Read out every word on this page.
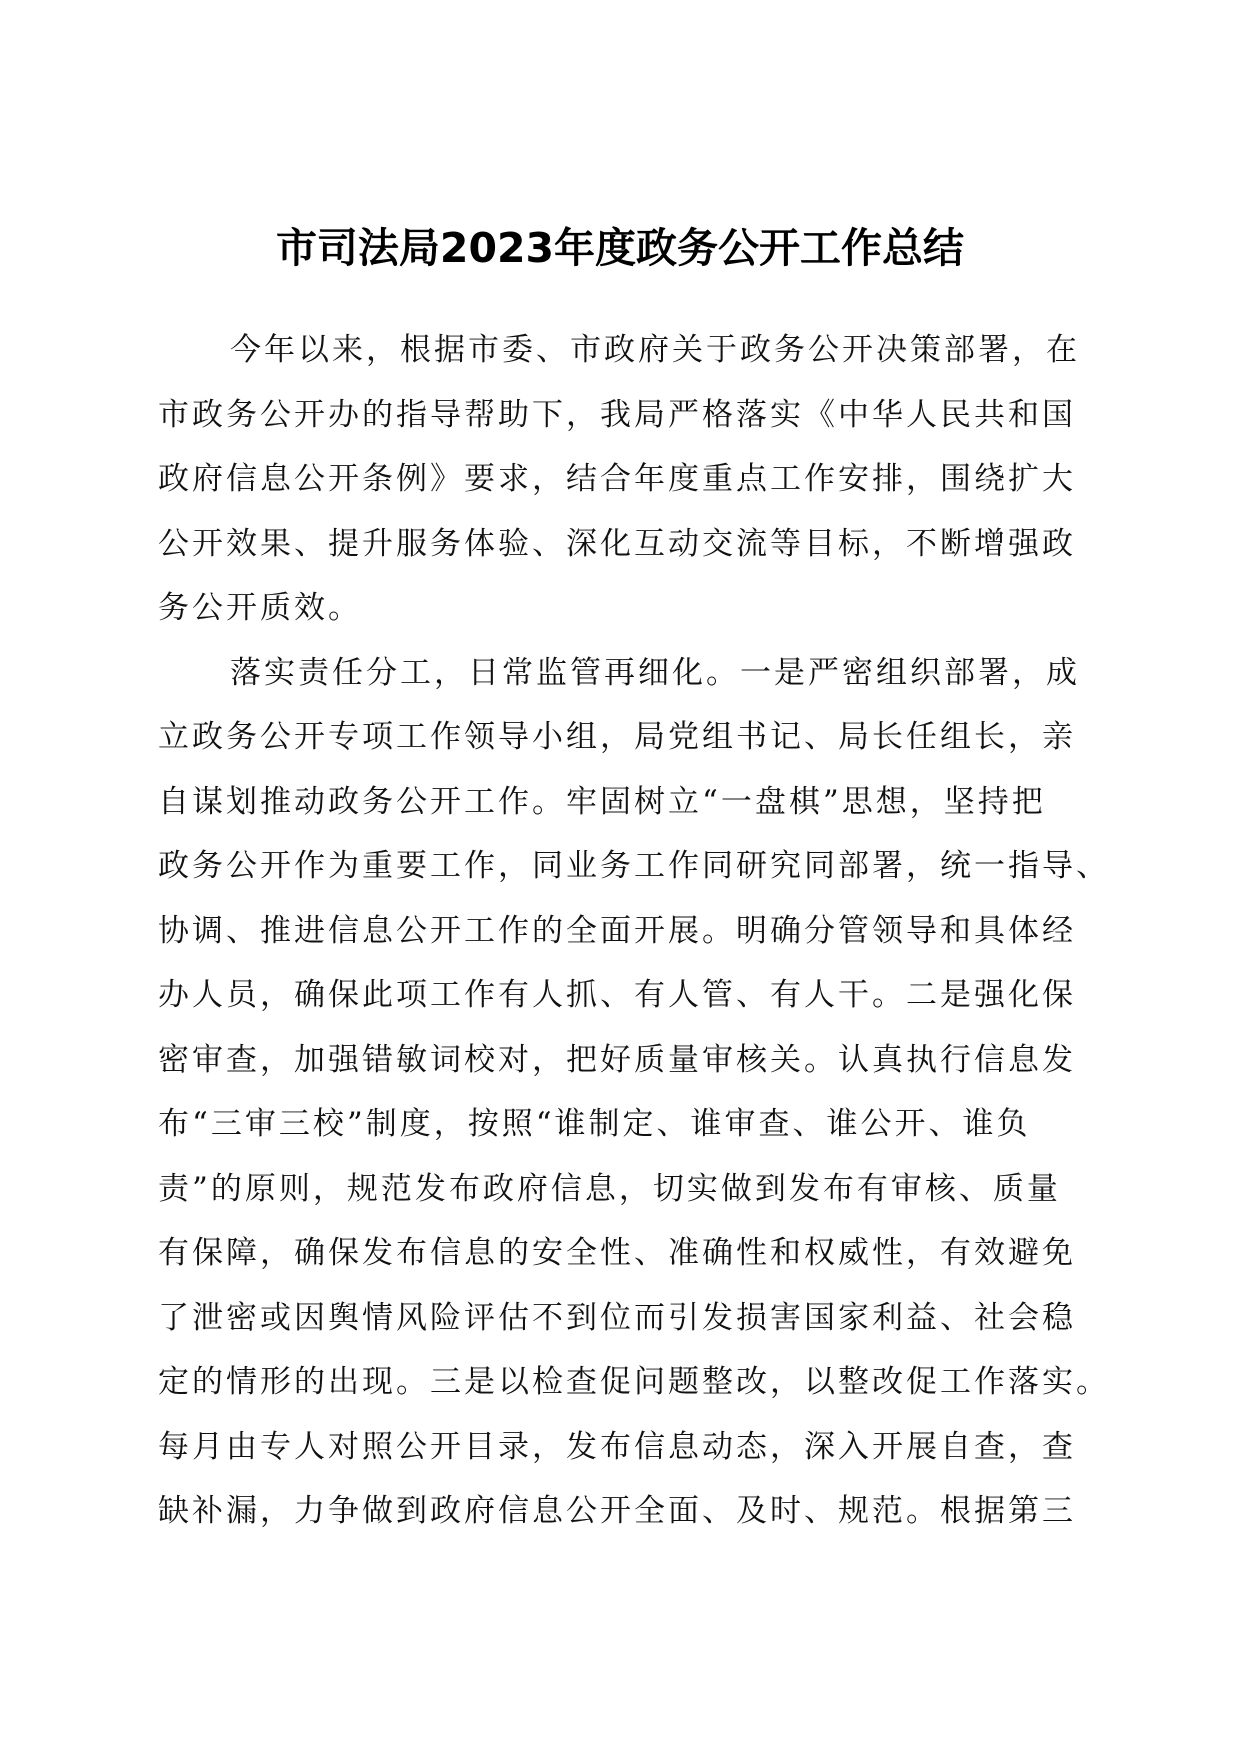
市司法局2023年度政务公开工作总结
今年以来，根据市委、市政府关于政务公开决策部署，在
市政务公开办的指导帮助下，我局严格落实《中华人民共和国
政府信息公开条例》要求，结合年度重点工作安排，围绕扩大
公开效果、提升服务体验、深化互动交流等目标，不断增强政
务公开质效。
落实责任分工，日常监管再细化。一是严密组织部署，成
立政务公开专项工作领导小组，局党组书记、局长任组长，亲
自谋划推动政务公开工作。牢固树立“一盘棋”思想，坚持把
政务公开作为重要工作，同业务工作同研究同部署，统一指导、
协调、推进信息公开工作的全面开展。明确分管领导和具体经
办人员，确保此项工作有人抓、有人管、有人干。二是强化保
密审查，加强错敏词校对，把好质量审核关。认真执行信息发
布“三审三校”制度，按照“谁制定、谁审查、谁公开、谁负
责”的原则，规范发布政府信息，切实做到发布有审核、质量
有保障，确保发布信息的安全性、准确性和权威性，有效避免
了泄密或因舆情风险评估不到位而引发损害国家利益、社会稳
定的情形的出现。三是以检查促问题整改，以整改促工作落实。
每月由专人对照公开目录，发布信息动态，深入开展自查，查
缺补漏，力争做到政府信息公开全面、及时、规范。根据第三
